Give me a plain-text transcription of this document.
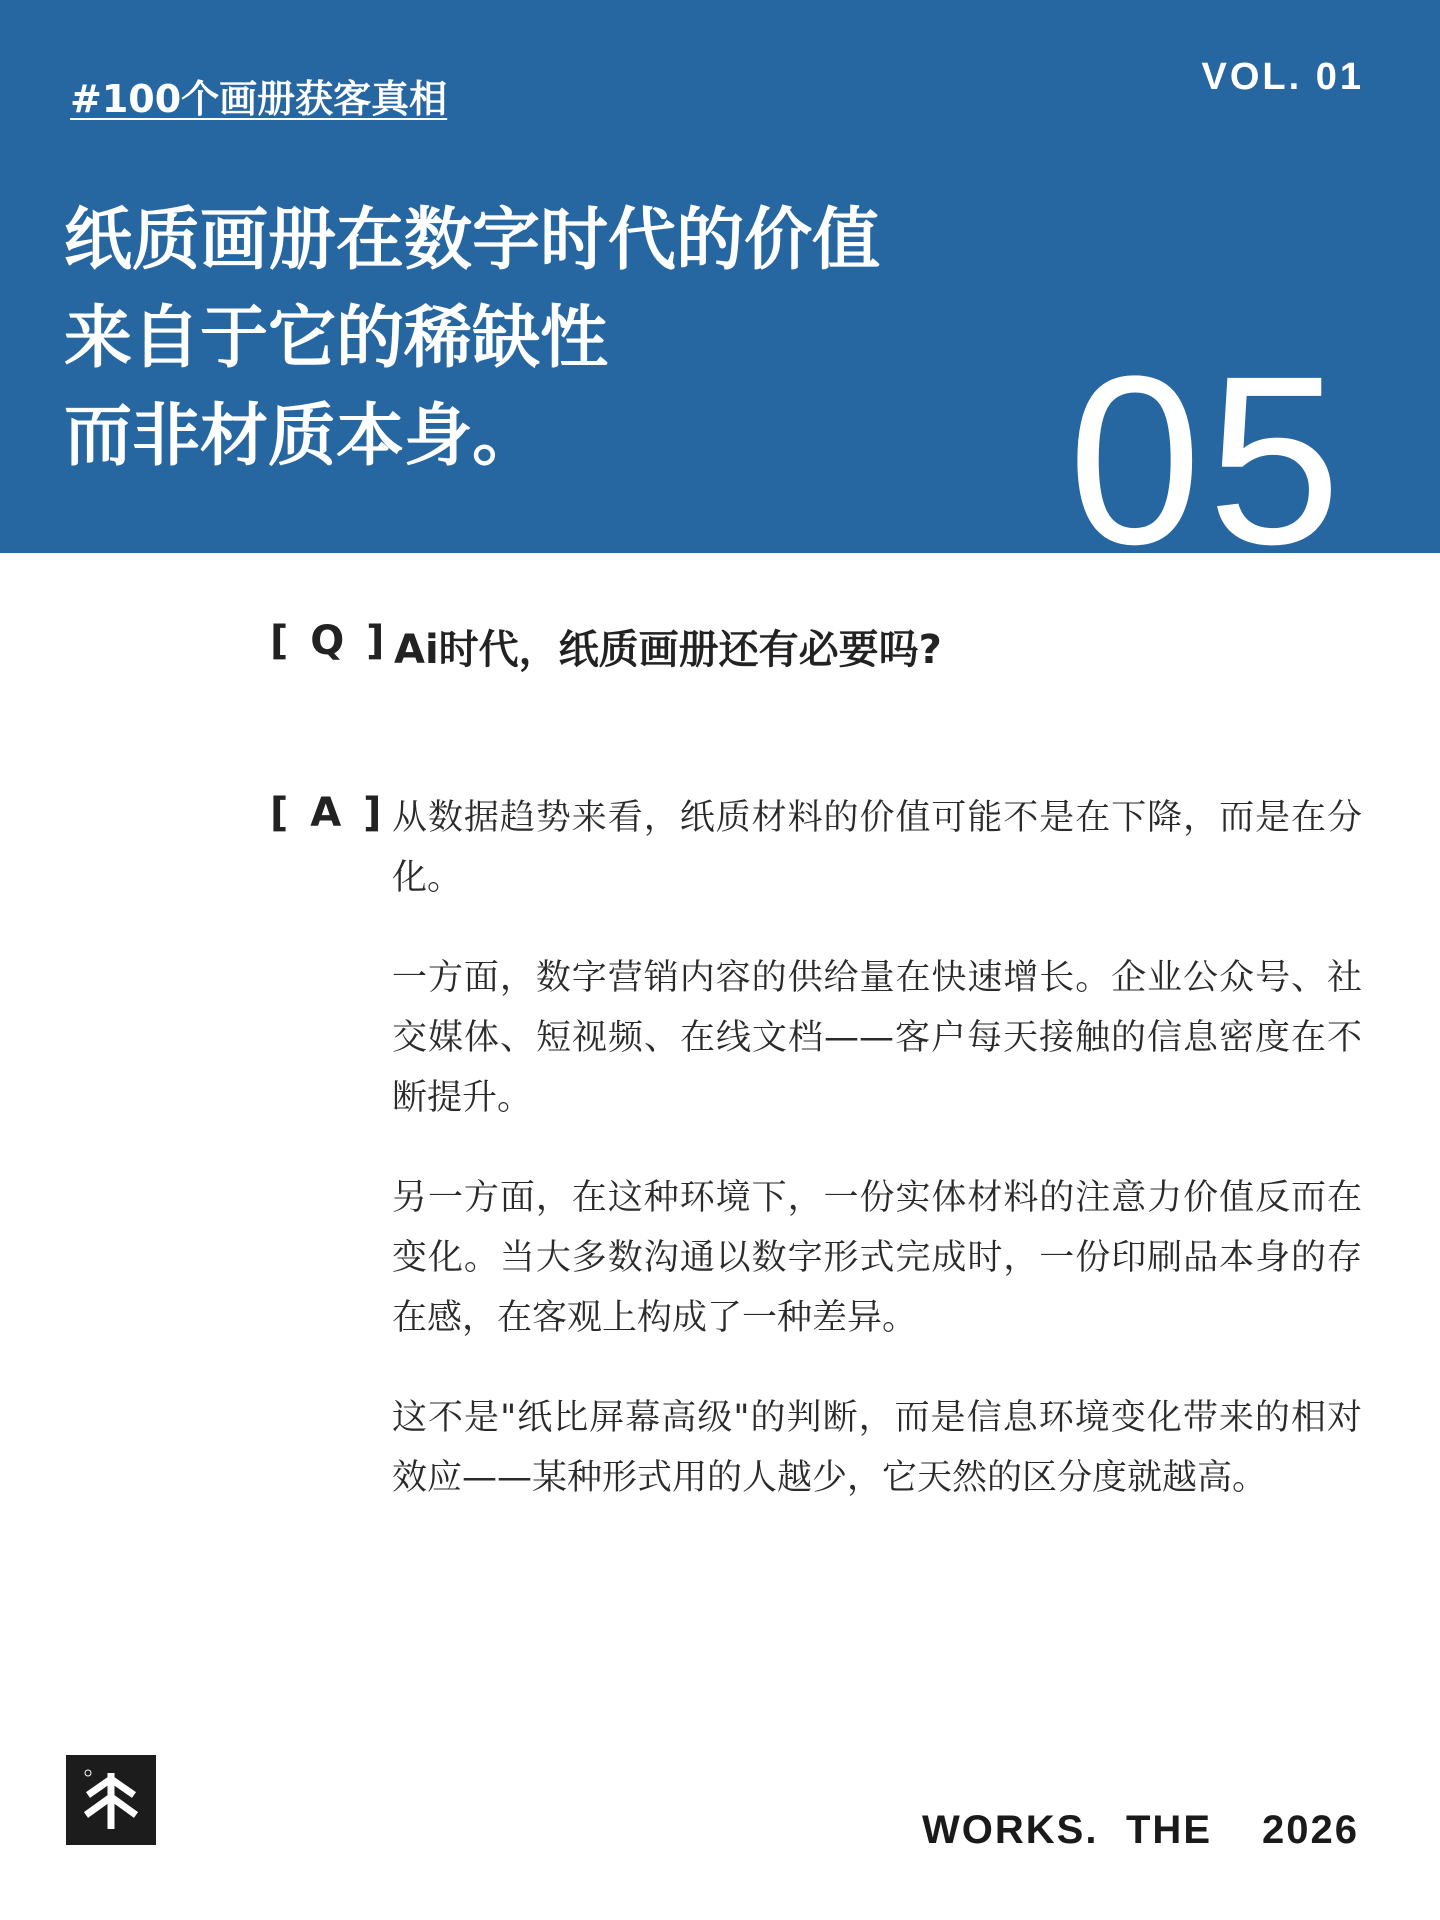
#100个画册获客真相	VOL. 01
纸质画册在数字时代的价值
来自于它的稀缺性
而非材质本身。	05
[ Q ] Ai时代，纸质画册还有必要吗?
[ A ] 从数据趋势来看，纸质材料的价值可能不是在下降，而是在分化。

一方面，数字营销内容的供给量在快速增长。企业公众号、社交媒体、短视频、在线文档——客户每天接触的信息密度在不断提升。

另一方面，在这种环境下，一份实体材料的注意力价值反而在变化。当大多数沟通以数字形式完成时，一份印刷品本身的存在感，在客观上构成了一种差异。

这不是"纸比屏幕高级"的判断，而是信息环境变化带来的相对效应——某种形式用的人越少，它天然的区分度就越高。

WORKS. THE 2026
